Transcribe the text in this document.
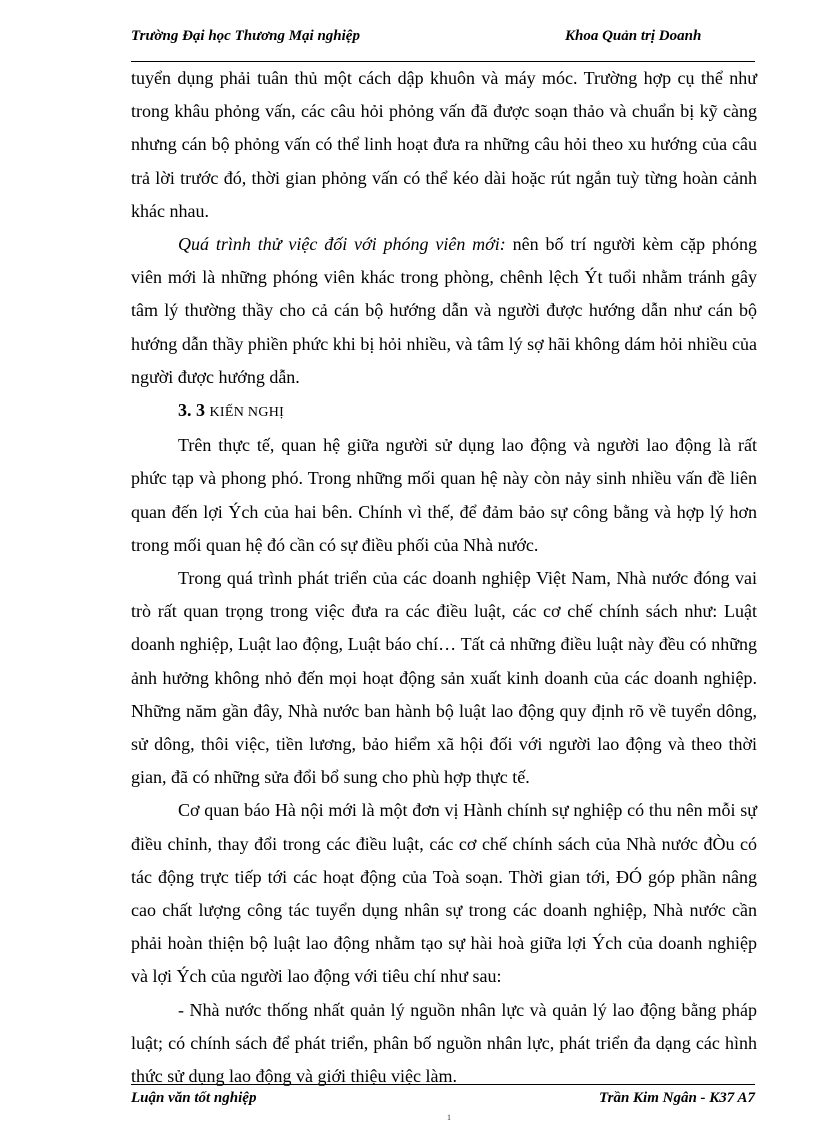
Trường Đại học Thương Mại nghiệp	Khoa Quản trị Doanh

tuyển dụng phải tuân thủ một cách dập khuôn và máy móc. Trường hợp cụ thể như trong khâu phỏng vấn, các câu hỏi phỏng vấn đã được soạn thảo và chuẩn bị kỹ càng nhưng cán bộ phỏng vấn có thể linh hoạt đưa ra những câu hỏi theo xu hướng của câu trả lời trước đó, thời gian phỏng vấn có thể kéo dài hoặc rút ngắn tuỳ từng hoàn cảnh khác nhau.

Quá trình thử việc đối với phóng viên mới: nên bố trí người kèm cặp phóng viên mới là những phóng viên khác trong phòng, chênh lệch Ýt tuổi nhằm tránh gây tâm lý thường thầy cho cả cán bộ hướng dẫn và người được hướng dẫn như cán bộ hướng dẫn thầy phiền phức khi bị hỏi nhiều, và tâm lý sợ hãi không dám hỏi nhiều của người được hướng dẫn.

3. 3 KIẾN NGHỊ

Trên thực tế, quan hệ giữa người sử dụng lao động và người lao động là rất phức tạp và phong phó. Trong những mối quan hệ này còn nảy sinh nhiều vấn đề liên quan đến lợi Ých của hai bên. Chính vì thế, để đảm bảo sự công bằng và hợp lý hơn trong mối quan hệ đó cần có sự điều phối của Nhà nước.

Trong quá trình phát triển của các doanh nghiệp Việt Nam, Nhà nước đóng vai trò rất quan trọng trong việc đưa ra các điều luật, các cơ chế chính sách như: Luật doanh nghiệp, Luật lao động, Luật báo chí… Tất cả những điều luật này đều có những ảnh hưởng không nhỏ đến mọi hoạt động sản xuất kinh doanh của các doanh nghiệp. Những năm gần đây, Nhà nước ban hành bộ luật lao động quy định rõ về tuyển dông, sử dông, thôi việc, tiền lương, bảo hiểm xã hội đối với người lao động và theo thời gian, đã có những sửa đổi bổ sung cho phù hợp thực tế.

Cơ quan báo Hà nội mới là một đơn vị Hành chính sự nghiệp có thu nên mỗi sự điều chỉnh, thay đổi trong các điều luật, các cơ chế chính sách của Nhà nước đÒu có tác động trực tiếp tới các hoạt động của Toà soạn. Thời gian tới, ĐÓ góp phần nâng cao chất lượng công tác tuyển dụng nhân sự trong các doanh nghiệp, Nhà nước cần phải hoàn thiện bộ luật lao động nhằm tạo sự hài hoà giữa lợi Ých của doanh nghiệp và lợi Ých của người lao động với tiêu chí như sau:

- Nhà nước thống nhất quản lý nguồn nhân lực và quản lý lao động bằng pháp luật; có chính sách để phát triển, phân bố nguồn nhân lực, phát triển đa dạng các hình thức sử dụng lao động và giới thiệu việc làm.

Luận văn tốt nghiệp	Trần Kim Ngân - K37 A7
1
